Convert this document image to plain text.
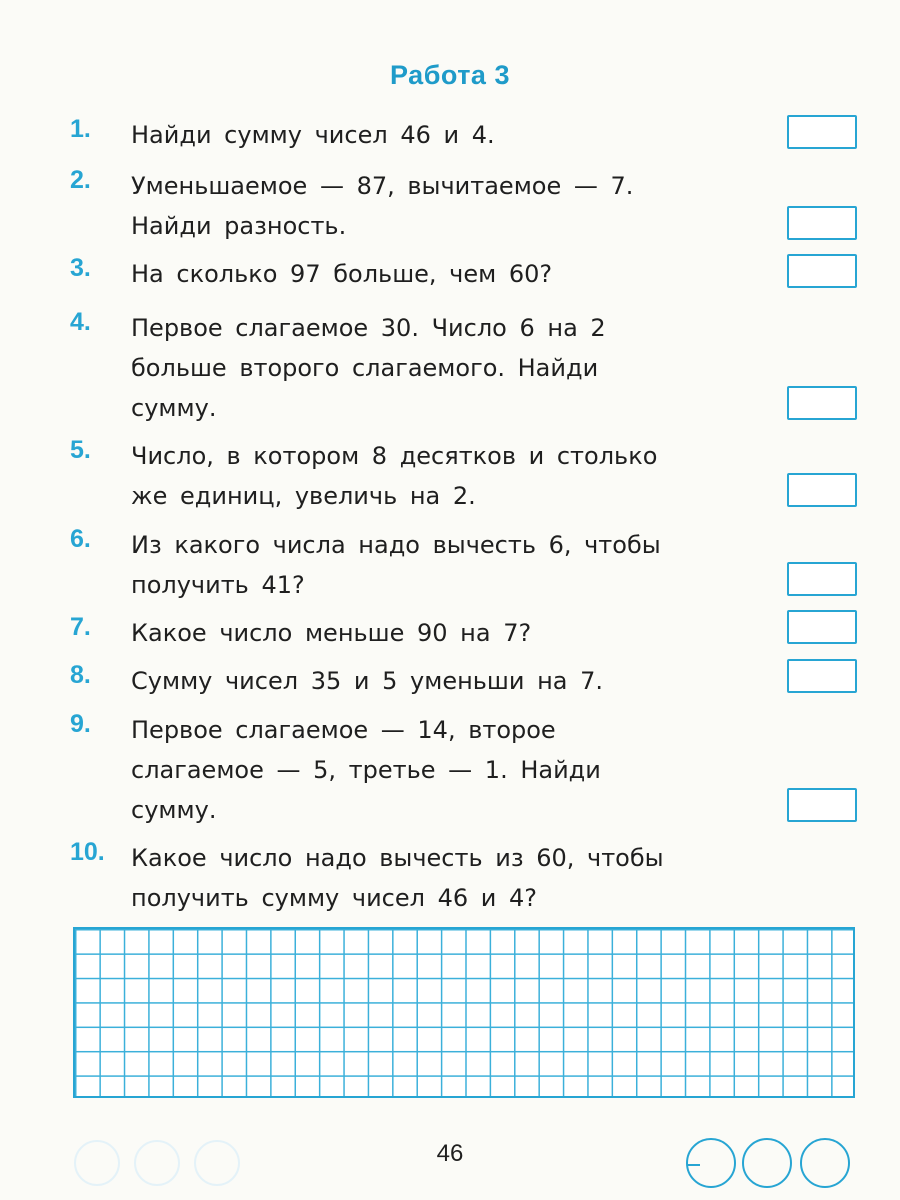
Работа 3
1. Найди сумму чисел 46 и 4.
2. Уменьшаемое — 87, вычитаемое — 7.
Найди разность.
3. На сколько 97 больше, чем 60?
4. Первое слагаемое 30. Число 6 на 2
больше второго слагаемого. Найди
сумму.
5. Число, в котором 8 десятков и столько
же единиц, увеличь на 2.
6. Из какого числа надо вычесть 6, чтобы
получить 41?
7. Какое число меньше 90 на 7?
8. Сумму чисел 35 и 5 уменьши на 7.
9. Первое слагаемое — 14, второе
слагаемое — 5, третье — 1. Найди
сумму.
10. Какое число надо вычесть из 60, чтобы
получить сумму чисел 46 и 4?
46
